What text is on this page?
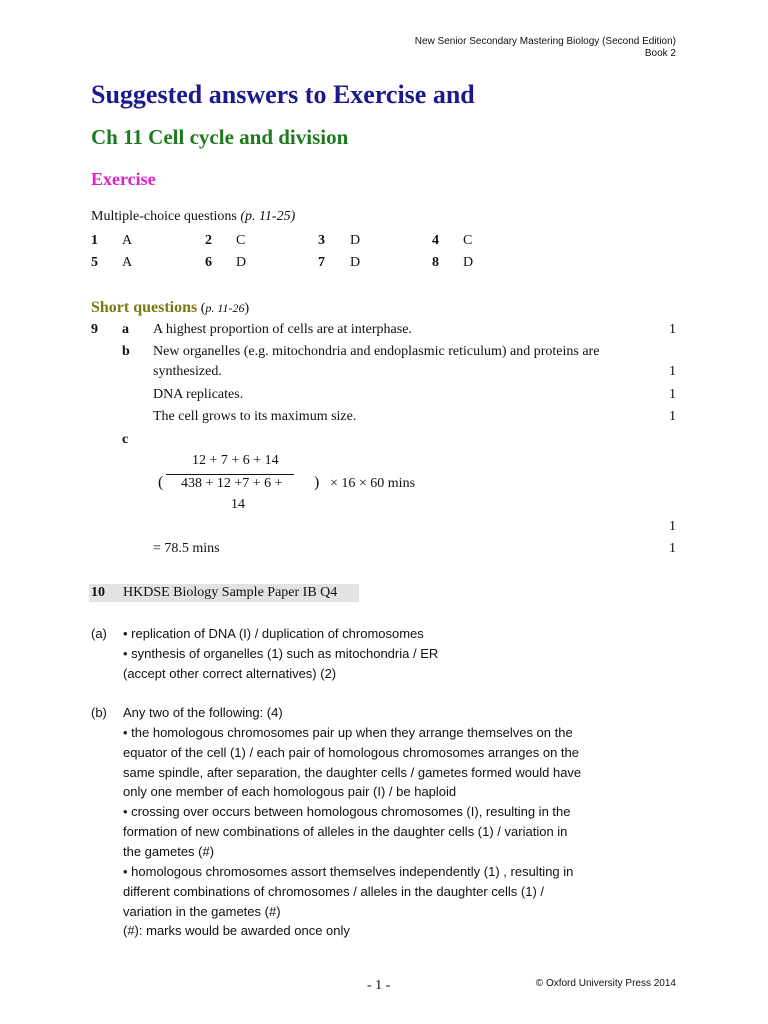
New Senior Secondary Mastering Biology (Second Edition)
Book 2
Suggested answers to Exercise and
Ch 11 Cell cycle and division
Exercise
Multiple-choice questions (p. 11-25)
1 A	2 C	3 D	4 C
5 A	6 D	7 D	8 D
Short questions (p. 11-26)
9 a A highest proportion of cells are at interphase.	1
b New organelles (e.g. mitochondria and endoplasmic reticulum) and proteins are
synthesized.	1
DNA replicates.	1
The cell grows to its maximum size.	1
c
12 + 7 + 6 + 14
( 438 + 12 +7 + 6 +
14
) × 16 × 60 mins
1
= 78.5 mins	1
10 HKDSE Biology Sample Paper IB Q4
(a) • replication of DNA (I) / duplication of chromosomes
• synthesis of organelles (1) such as mitochondria / ER
(accept other correct alternatives) (2)
(b) Any two of the following: (4)
• the homologous chromosomes pair up when they arrange themselves on the
equator of the cell (1) / each pair of homologous chromosomes arranges on the
same spindle, after separation, the daughter cells / gametes formed would have
only one member of each homologous pair (I) / be haploid
• crossing over occurs between homologous chromosomes (I), resulting in the
formation of new combinations of alleles in the daughter cells (1) / variation in
the gametes (#)
• homologous chromosomes assort themselves independently (1) , resulting in
different combinations of chromosomes / alleles in the daughter cells (1) /
variation in the gametes (#)
(#): marks would be awarded once only
- 1 -	© Oxford University Press 2014
